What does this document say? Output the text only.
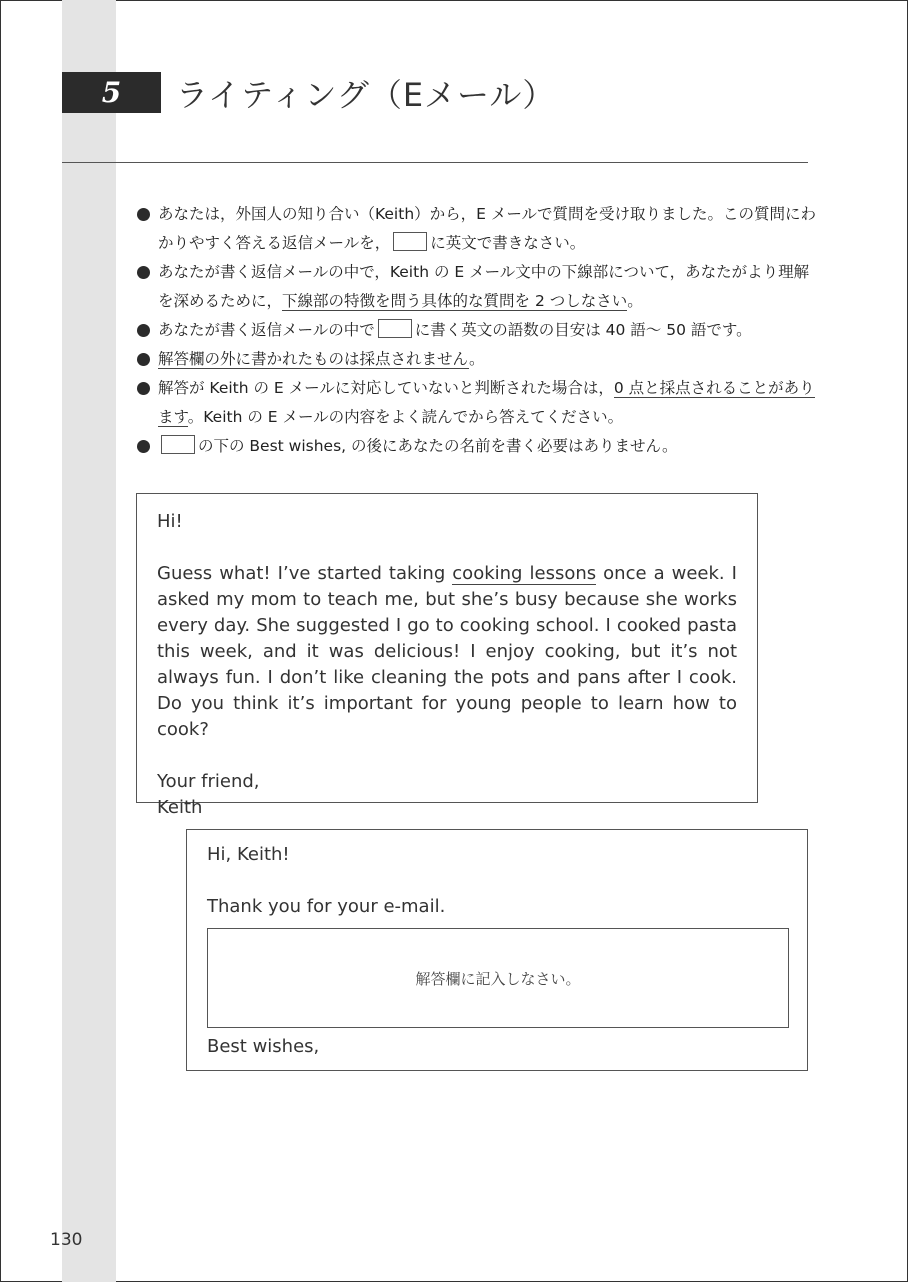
5	ライティング（Eメール）
あなたは，外国人の知り合い（Keith）から，E メールで質問を受け取りました。この質問にわかりやすく答える返信メールを，	に英文で書きなさい。
あなたが書く返信メールの中で，Keith の E メール文中の下線部について，あなたがより理解を深めるために，下線部の特徴を問う具体的な質問を 2 つしなさい。
あなたが書く返信メールの中で	に書く英文の語数の目安は 40 語～ 50 語です。
解答欄の外に書かれたものは採点されません。
解答が Keith の E メールに対応していないと判断された場合は，0 点と採点されることがあります。Keith の E メールの内容をよく読んでから答えてください。
の下の Best wishes, の後にあなたの名前を書く必要はありません。

Hi!

Guess what! I’ve started taking cooking lessons once a week. I asked my mom to teach me, but she’s busy because she works every day. She suggested I go to cooking school. I cooked pasta this week, and it was delicious! I enjoy cooking, but it’s not always fun. I don’t like cleaning the pots and pans after I cook. Do you think it’s important for young people to learn how to cook?

Your friend,

Keith

Hi, Keith!
Thank you for your e-mail.
解答欄に記入しなさい。
Best wishes,
130
